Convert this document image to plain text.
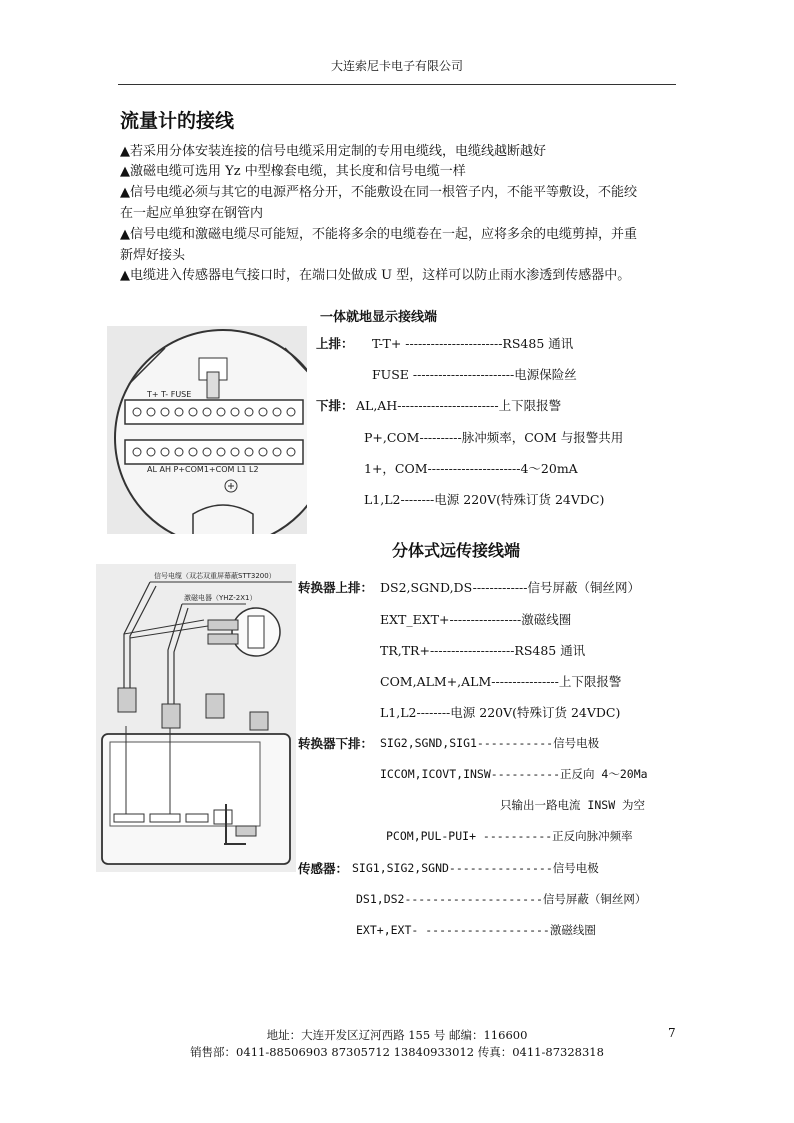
大连索尼卡电子有限公司
流量计的接线
▲若采用分体安装连接的信号电缆采用定制的专用电缆线，电缆线越断越好
▲激磁电缆可选用 Yz 中型橡套电缆，其长度和信号电缆一样
▲信号电缆必须与其它的电源严格分开，不能敷设在同一根管子内，不能平等敷设，不能绞
在一起应单独穿在钢管内
▲信号电缆和激磁电缆尽可能短，不能将多余的电缆卷在一起，应将多余的电缆剪掉，并重
新焊好接头
▲电缆进入传感器电气接口时，在端口处做成 U 型，这样可以防止雨水渗透到传感器中。
一体就地显示接线端
T+ T- FUSE
AL AH P+COM1+COM L1 L2
上排： T-T+ -----------------------RS485 通讯
FUSE ------------------------电源保险丝
下排： AL,AH------------------------上下限报警
P+,COM----------脉冲频率，COM 与报警共用
1+，COM----------------------4～20mA
L1,L2--------电源 220V(特殊订货 24VDC)
分体式远传接线端
信号电缆（双芯双重屏幕蔽STT3200）
激磁电器（YHZ-2X1）
转换器上排： DS2,SGND,DS-------------信号屏蔽（铜丝网）
EXT_EXT+-----------------激磁线圈
TR,TR+--------------------RS485 通讯
COM,ALM+,ALM----------------上下限报警
L1,L2--------电源 220V(特殊订货 24VDC)
转换器下排： SIG2,SGND,SIG1-----------信号电极
ICCOM,ICOVT,INSW----------正反向 4～20Ma
只输出一路电流 INSW 为空
PCOM,PUL-PUI+ ----------正反向脉冲频率
传感器： SIG1,SIG2,SGND---------------信号电极
DS1,DS2--------------------信号屏蔽（铜丝网）
EXT+,EXT- ------------------激磁线圈
地址：大连开发区辽河西路 155 号 邮编：116600
销售部：0411-88506903 87305712 13840933012 传真：0411-87328318
7
